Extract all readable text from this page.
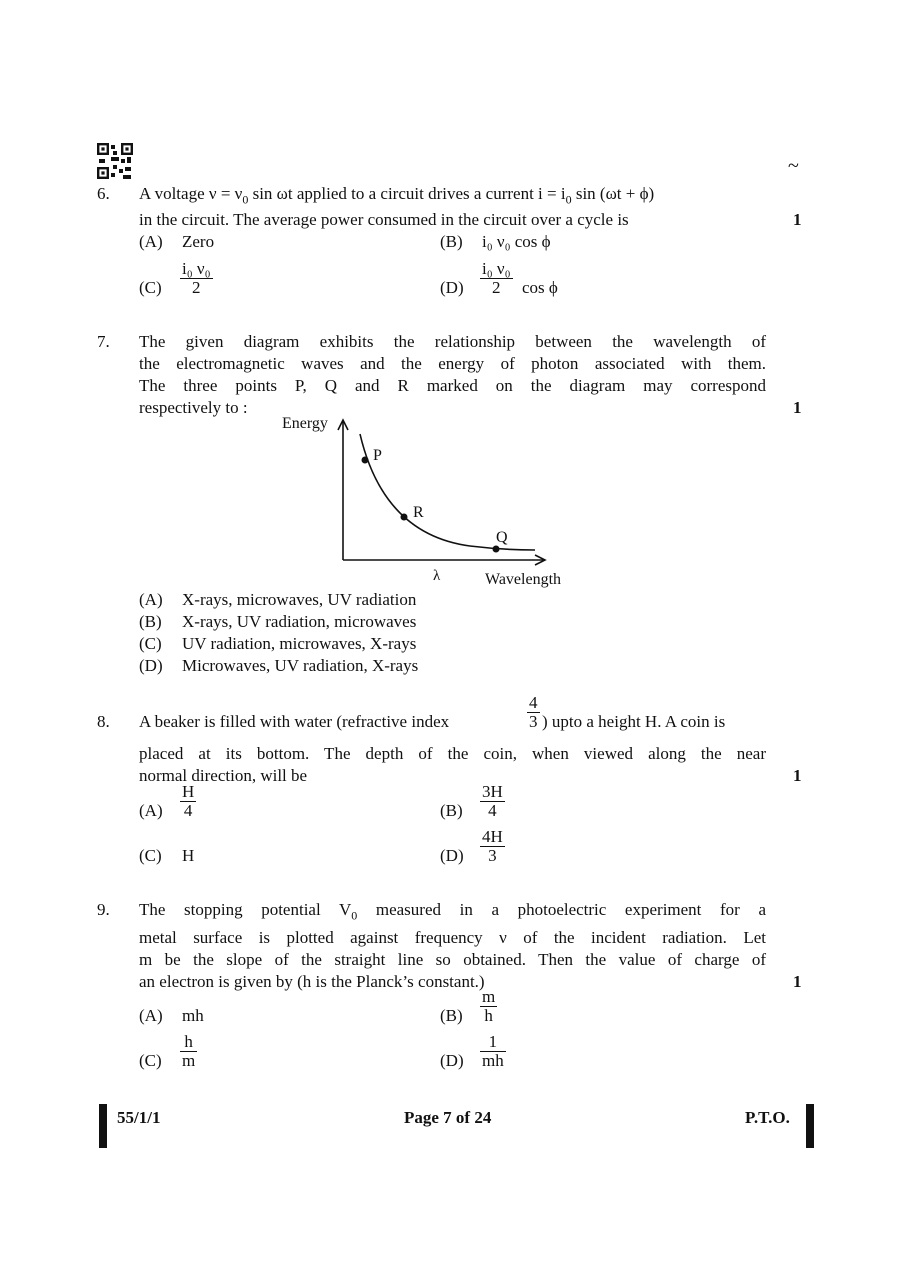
~
6. A voltage $\nu = \nu_0$ sin ωt applied to a circuit drives a current $i = i_0$ sin (ωt + ϕ)
in the circuit. The average power consumed in the circuit over a cycle is	1
(A) Zero	(B) i₀ ν₀ cos ϕ
$(C) \frac{\text{i₀ ν₀}}{2}$	$(D) \frac{\text{i₀ ν₀}}{2}$ cos ϕ
7. The given diagram exhibits the relationship between the wavelength of
the electromagnetic waves and the energy of photon associated with them.
The three points P, Q and R marked on the diagram may correspond
respectively to :	1
Energy
P
R
Q
λ	Wavelength
(A) X-rays, microwaves, UV radiation
(B) X-rays, UV radiation, microwaves
(C) UV radiation, microwaves, X-rays
(D) Microwaves, UV radiation, X-rays
8. A beaker is filled with water (refractive index	$\frac{4}{3}$ ) upto a height H. A coin is
placed at its bottom. The depth of the coin, when viewed along the near
normal direction, will be	1
$(A) \frac{H}{4}$	$(B) \frac{3H}{4}$
(C) H	$(D) \frac{4H}{3}$
9. The stopping potential $V_0$ measured in a photoelectric experiment for a
metal surface is plotted against frequency ν of the incident radiation. Let
m be the slope of the straight line so obtained. Then the value of charge of
an electron is given by (h is the Planck’s constant.)	1
(A) mh	$(B) \frac{m}{h}$
$(C) \frac{h}{m}$	$(D) \frac{1}{mh}$
55/1/1	Page 7 of 24	P.T.O.
